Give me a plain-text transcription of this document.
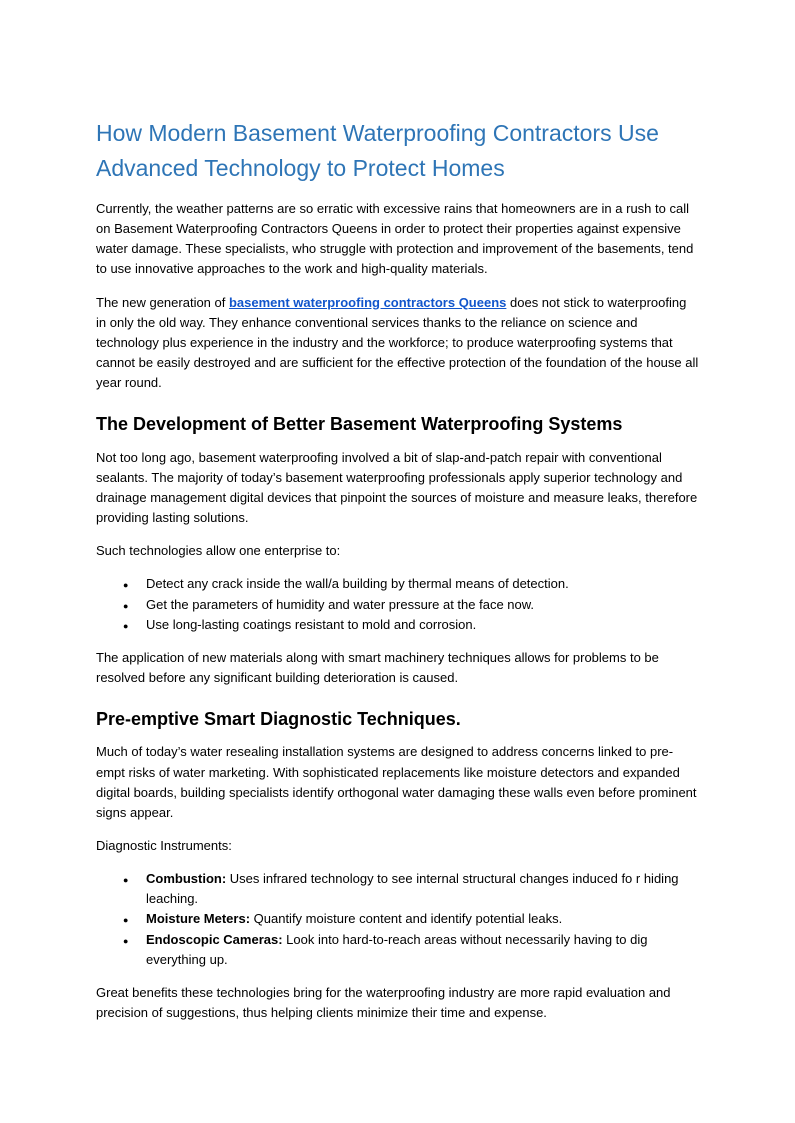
How Modern Basement Waterproofing Contractors Use Advanced Technology to Protect Homes

Currently, the weather patterns are so erratic with excessive rains that homeowners are in a rush to call on Basement Waterproofing Contractors Queens in order to protect their properties against expensive water damage. These specialists, who struggle with protection and improvement of the basements, tend to use innovative approaches to the work and high-quality materials.

The new generation of basement waterproofing contractors Queens does not stick to waterproofing in only the old way. They enhance conventional services thanks to the reliance on science and technology plus experience in the industry and the workforce; to produce waterproofing systems that cannot be easily destroyed and are sufficient for the effective protection of the foundation of the house all year round.

The Development of Better Basement Waterproofing Systems

Not too long ago, basement waterproofing involved a bit of slap-and-patch repair with conventional sealants. The majority of today’s basement waterproofing professionals apply superior technology and drainage management digital devices that pinpoint the sources of moisture and measure leaks, therefore providing lasting solutions.

Such technologies allow one enterprise to:

● Detect any crack inside the wall/a building by thermal means of detection.
● Get the parameters of humidity and water pressure at the face now.
● Use long-lasting coatings resistant to mold and corrosion.

The application of new materials along with smart machinery techniques allows for problems to be resolved before any significant building deterioration is caused.

Pre-emptive Smart Diagnostic Techniques.

Much of today’s water resealing installation systems are designed to address concerns linked to pre-empt risks of water marketing. With sophisticated replacements like moisture detectors and expanded digital boards, building specialists identify orthogonal water damaging these walls even before prominent signs appear.

Diagnostic Instruments:

● Combustion: Uses infrared technology to see internal structural changes induced fo r hiding leaching.
● Moisture Meters: Quantify moisture content and identify potential leaks.
● Endoscopic Cameras: Look into hard-to-reach areas without necessarily having to dig everything up.

Great benefits these technologies bring for the waterproofing industry are more rapid evaluation and precision of suggestions, thus helping clients minimize their time and expense.
